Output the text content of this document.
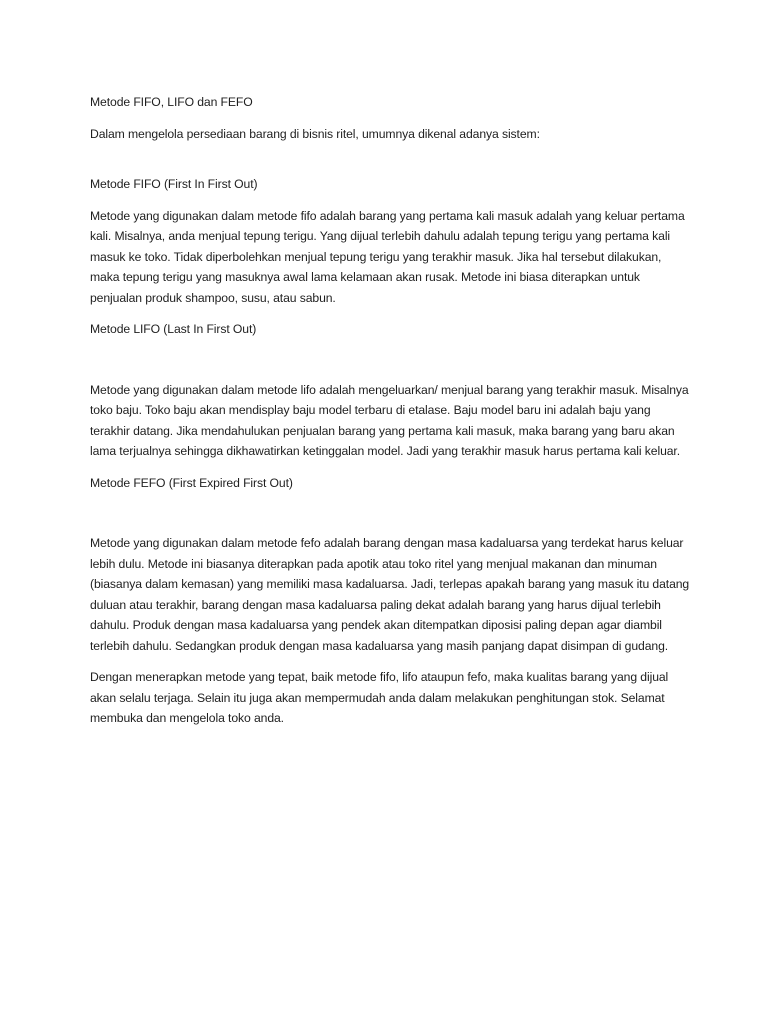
Metode FIFO, LIFO dan FEFO

Dalam mengelola persediaan barang di bisnis ritel, umumnya dikenal adanya sistem:

Metode FIFO (First In First Out)

Metode yang digunakan dalam metode fifo adalah barang yang pertama kali masuk adalah yang keluar pertama kali. Misalnya, anda menjual tepung terigu. Yang dijual terlebih dahulu adalah tepung terigu yang pertama kali masuk ke toko. Tidak diperbolehkan menjual tepung terigu yang terakhir masuk. Jika hal tersebut dilakukan, maka tepung terigu yang masuknya awal lama kelamaan akan rusak. Metode ini biasa diterapkan untuk penjualan produk shampoo, susu, atau sabun.

Metode LIFO (Last In First Out)

Metode yang digunakan dalam metode lifo adalah mengeluarkan/ menjual barang yang terakhir masuk. Misalnya toko baju. Toko baju akan mendisplay baju model terbaru di etalase. Baju model baru ini adalah baju yang terakhir datang. Jika mendahulukan penjualan barang yang pertama kali masuk, maka barang yang baru akan lama terjualnya sehingga dikhawatirkan ketinggalan model. Jadi yang terakhir masuk harus pertama kali keluar.

Metode FEFO (First Expired First Out)

Metode yang digunakan dalam metode fefo adalah barang dengan masa kadaluarsa yang terdekat harus keluar lebih dulu. Metode ini biasanya diterapkan pada apotik atau toko ritel yang menjual makanan dan minuman (biasanya dalam kemasan) yang memiliki masa kadaluarsa. Jadi, terlepas apakah barang yang masuk itu datang duluan atau terakhir, barang dengan masa kadaluarsa paling dekat adalah barang yang harus dijual terlebih dahulu. Produk dengan masa kadaluarsa yang pendek akan ditempatkan diposisi paling depan agar diambil terlebih dahulu. Sedangkan produk dengan masa kadaluarsa yang masih panjang dapat disimpan di gudang.

Dengan menerapkan metode yang tepat, baik metode fifo, lifo ataupun fefo, maka kualitas barang yang dijual akan selalu terjaga. Selain itu juga akan mempermudah anda dalam melakukan penghitungan stok. Selamat membuka dan mengelola toko anda.
